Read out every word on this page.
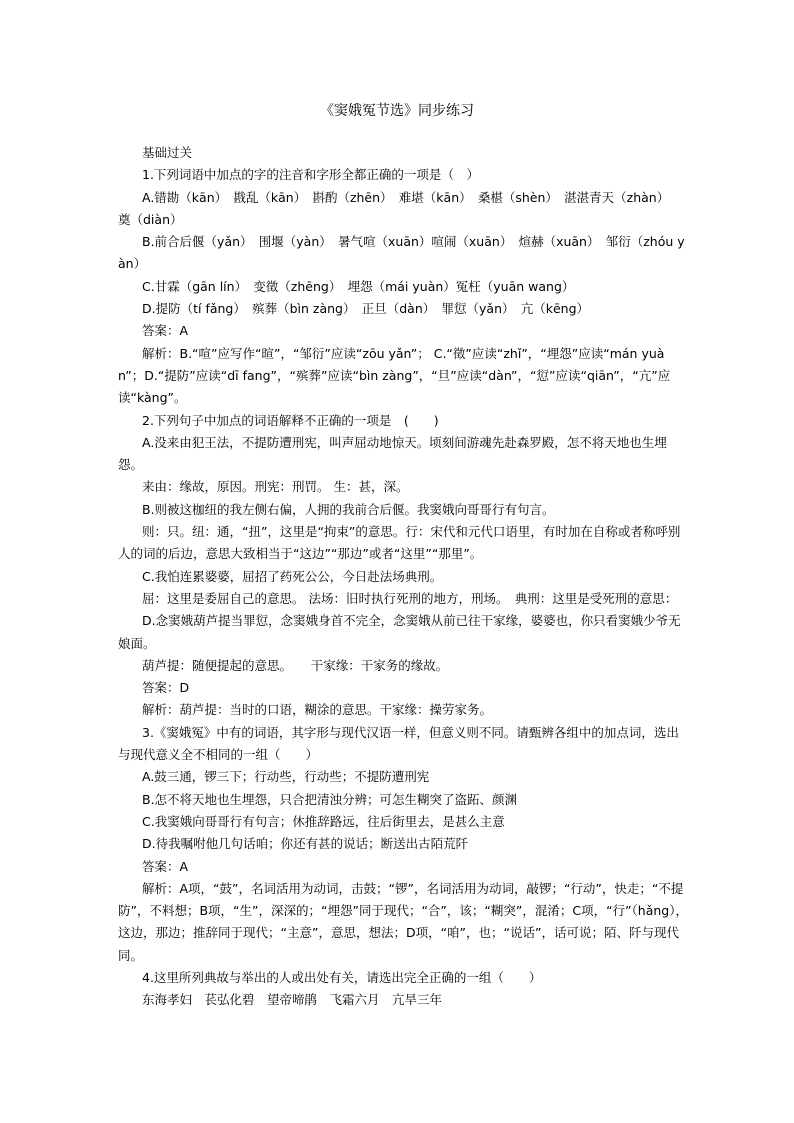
《窦娥冤节选》同步练习

基础过关

1.下列词语中加点的字的注音和字形全都正确的一项是（　）

A.错勘（kān）　戡乱（kān）　斟酌（zhēn）　难堪（kān）　桑椹（shèn）　湛湛青天（zhàn）　　奠（diàn）

B.前合后偃（yǎn）　围堰（yàn）　暑气喧（xuān）喧闹（xuān）　煊赫（xuān）　邹衍（zhóu yàn）

C.甘霖（gān lín）　变徵（zhēng）　埋怨（mái yuàn）冤枉（yuān wang）

D.提防（tí fǎng）　殡葬（bìn zàng）　正旦（dàn）　罪愆（yǎn）　亢（kēng）

答案：A

解析：B.“喧”应写作“暄”，“邹衍”应读“zōu yǎn”； C.“徵”应读“zhǐ”，“埋怨”应读“mán yuàn”；D.“提防”应读“dī fang”，“殡葬”应读“bìn zàng”，“旦”应读“dàn”，“愆”应读“qiān”，“亢”应读“kàng”。

2.下列句子中加点的词语解释不正确的一项是　(　　)

A.没来由犯王法，不提防遭刑宪，叫声屈动地惊天。顷刻间游魂先赴森罗殿，怎不将天地也生埋怨。

来由：缘故，原因。刑宪：刑罚。 生：甚，深。

B.则被这枷纽的我左侧右偏，人拥的我前合后偃。我窦娥向哥哥行有句言。

则：只。纽：通，“扭”，这里是“拘束”的意思。行：宋代和元代口语里，有时加在自称或者称呼别人的词的后边，意思大致相当于“这边”“那边”或者“这里”“那里”。

C.我怕连累婆婆，屈招了药死公公，今日赴法场典刑。

屈：这里是委屈自己的意思。 法场：旧时执行死刑的地方，刑场。　典刑：这里是受死刑的意思：

D.念窦娥葫芦提当罪愆，念窦娥身首不完全，念窦娥从前已往干家缘，婆婆也，你只看窦娥少爷无娘面。

葫芦提：随便提起的意思。　　干家缘：干家务的缘故。

答案：D

解析：葫芦提：当时的口语，糊涂的意思。干家缘：操劳家务。

3.《窦娥冤》中有的词语，其字形与现代汉语一样，但意义则不同。请甄辨各组中的加点词，选出与现代意义全不相同的一组（　　）

A.鼓三通，锣三下；行动些，行动些；不提防遭刑宪

B.怎不将天地也生埋怨，只合把清浊分辨；可怎生糊突了盗跖、颜渊

C.我窦娥向哥哥行有句言；休推辞路远，往后街里去，是甚么主意

D.待我嘱咐他几句话咱；你还有甚的说话；断送出古陌荒阡

答案：A

解析：A项，“鼓”，名词活用为动词，击鼓；“锣”，名词活用为动词，敲锣；“行动”，快走；“不提防”，不料想；B项，“生”，深深的；“埋怨”同于现代；“合”，该；“糊突”，混淆；C项，“行”（hǎng），这边，那边；推辞同于现代；“主意”，意思，想法；D项，“咱”，也；“说话”，话可说；陌、阡与现代同。

4.这里所列典故与举出的人或出处有关，请选出完全正确的一组（　　）

东海孝妇　苌弘化碧　望帝啼鹃　飞霜六月　亢旱三年
